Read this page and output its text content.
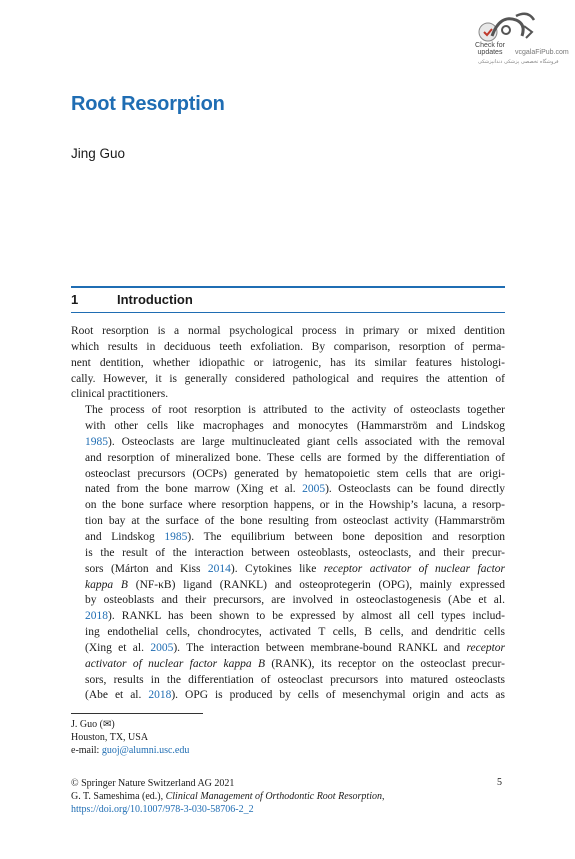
Check for
updates	vcgalaFiPub.com
فروشگاه تخصصی پزشکی دندانپزشکی
Root Resorption
Jing Guo
1	Introduction

Root resorption is a normal psychological process in primary or mixed dentition
which results in deciduous teeth exfoliation. By comparison, resorption of perma-
nent dentition, whether idiopathic or iatrogenic, has its similar features histologi-
cally. However, it is generally considered pathological and requires the attention of
clinical practitioners.

The process of root resorption is attributed to the activity of osteoclasts together
with other cells like macrophages and monocytes (Hammarström and Lindskog
1985). Osteoclasts are large multinucleated giant cells associated with the removal
and resorption of mineralized bone. These cells are formed by the differentiation of
osteoclast precursors (OCPs) generated by hematopoietic stem cells that are origi-
nated from the bone marrow (Xing et al. 2005). Osteoclasts can be found directly
on the bone surface where resorption happens, or in the Howship’s lacuna, a resorp-
tion bay at the surface of the bone resulting from osteoclast activity (Hammarström
and Lindskog 1985). The equilibrium between bone deposition and resorption
is the result of the interaction between osteoblasts, osteoclasts, and their precur-
sors (Márton and Kiss 2014). Cytokines like receptor activator of nuclear factor
kappa B (NF-κB) ligand (RANKL) and osteoprotegerin (OPG), mainly expressed
by osteoblasts and their precursors, are involved in osteoclastogenesis (Abe et al.
2018). RANKL has been shown to be expressed by almost all cell types includ-
ing endothelial cells, chondrocytes, activated T cells, B cells, and dendritic cells
(Xing et al. 2005). The interaction between membrane-bound RANKL and receptor
activator of nuclear factor kappa B (RANK), its receptor on the osteoclast precur-
sors, results in the differentiation of osteoclast precursors into matured osteoclasts
(Abe et al. 2018). OPG is produced by cells of mesenchymal origin and acts as

J. Guo (✉)
Houston, TX, USA
e-mail: guoj@alumni.usc.edu
© Springer Nature Switzerland AG 2021	5
G. T. Sameshima (ed.), Clinical Management of Orthodontic Root Resorption,
https://doi.org/10.1007/978-3-030-58706-2_2
